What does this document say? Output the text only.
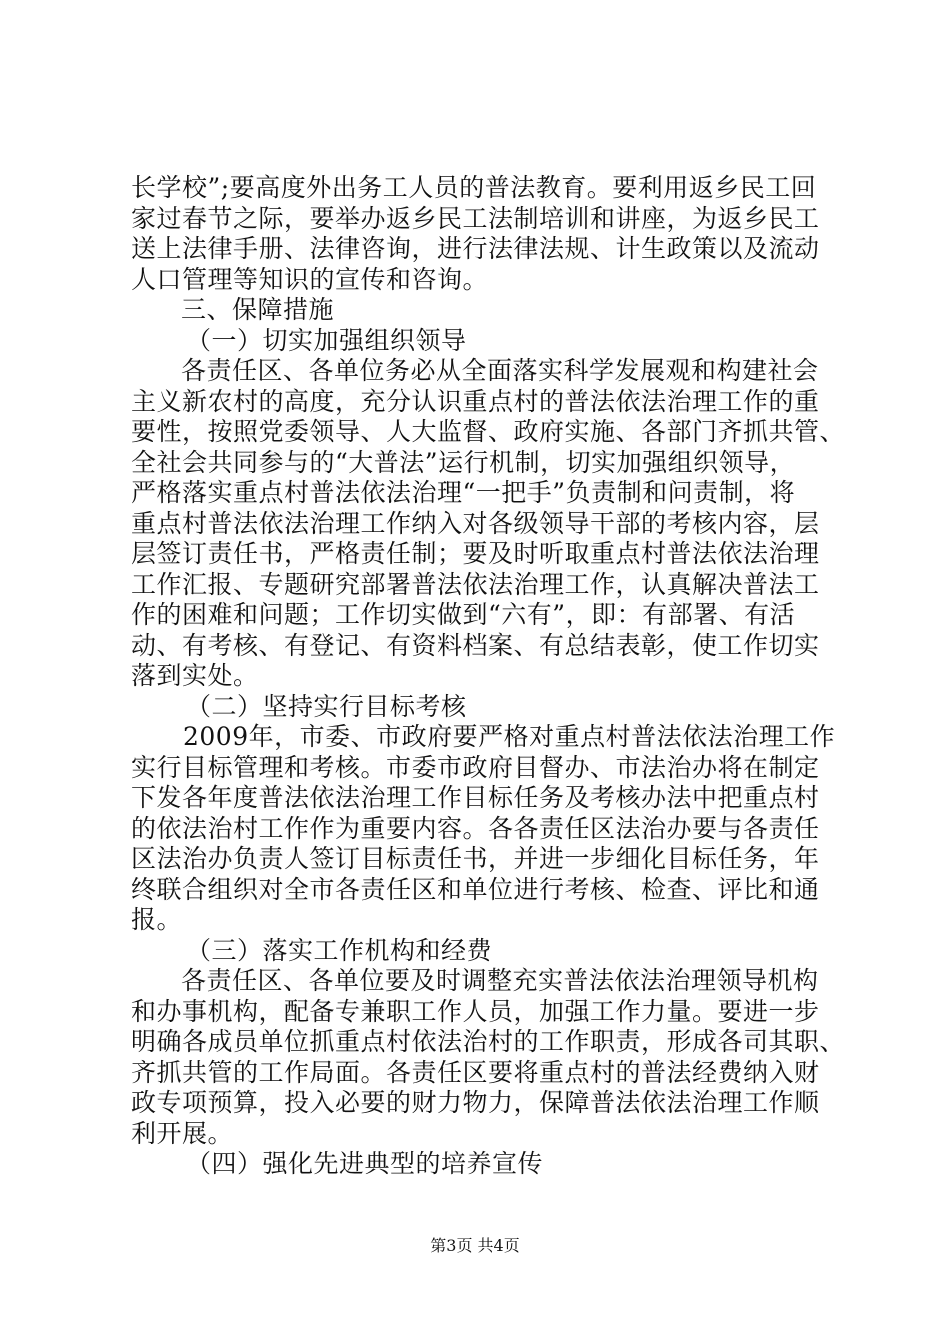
长学校”;要高度外出务工人员的普法教育。要利用返乡民工回
家过春节之际，要举办返乡民工法制培训和讲座，为返乡民工
送上法律手册、法律咨询，进行法律法规、计生政策以及流动
人口管理等知识的宣传和咨询。
三、保障措施
（一）切实加强组织领导
各责任区、各单位务必从全面落实科学发展观和构建社会
主义新农村的高度，充分认识重点村的普法依法治理工作的重
要性，按照党委领导、人大监督、政府实施、各部门齐抓共管、
全社会共同参与的“大普法”运行机制，切实加强组织领导，
严格落实重点村普法依法治理“一把手”负责制和问责制，将
重点村普法依法治理工作纳入对各级领导干部的考核内容，层
层签订责任书，严格责任制；要及时听取重点村普法依法治理
工作汇报、专题研究部署普法依法治理工作，认真解决普法工
作的困难和问题；工作切实做到“六有”，即：有部署、有活
动、有考核、有登记、有资料档案、有总结表彰，使工作切实
落到实处。
（二）坚持实行目标考核
2009年，市委、市政府要严格对重点村普法依法治理工作
实行目标管理和考核。市委市政府目督办、市法治办将在制定
下发各年度普法依法治理工作目标任务及考核办法中把重点村
的依法治村工作作为重要内容。各各责任区法治办要与各责任
区法治办负责人签订目标责任书，并进一步细化目标任务，年
终联合组织对全市各责任区和单位进行考核、检查、评比和通
报。
（三）落实工作机构和经费
各责任区、各单位要及时调整充实普法依法治理领导机构
和办事机构，配备专兼职工作人员，加强工作力量。要进一步
明确各成员单位抓重点村依法治村的工作职责，形成各司其职、
齐抓共管的工作局面。各责任区要将重点村的普法经费纳入财
政专项预算，投入必要的财力物力，保障普法依法治理工作顺
利开展。
（四）强化先进典型的培养宣传
第3页 共4页
